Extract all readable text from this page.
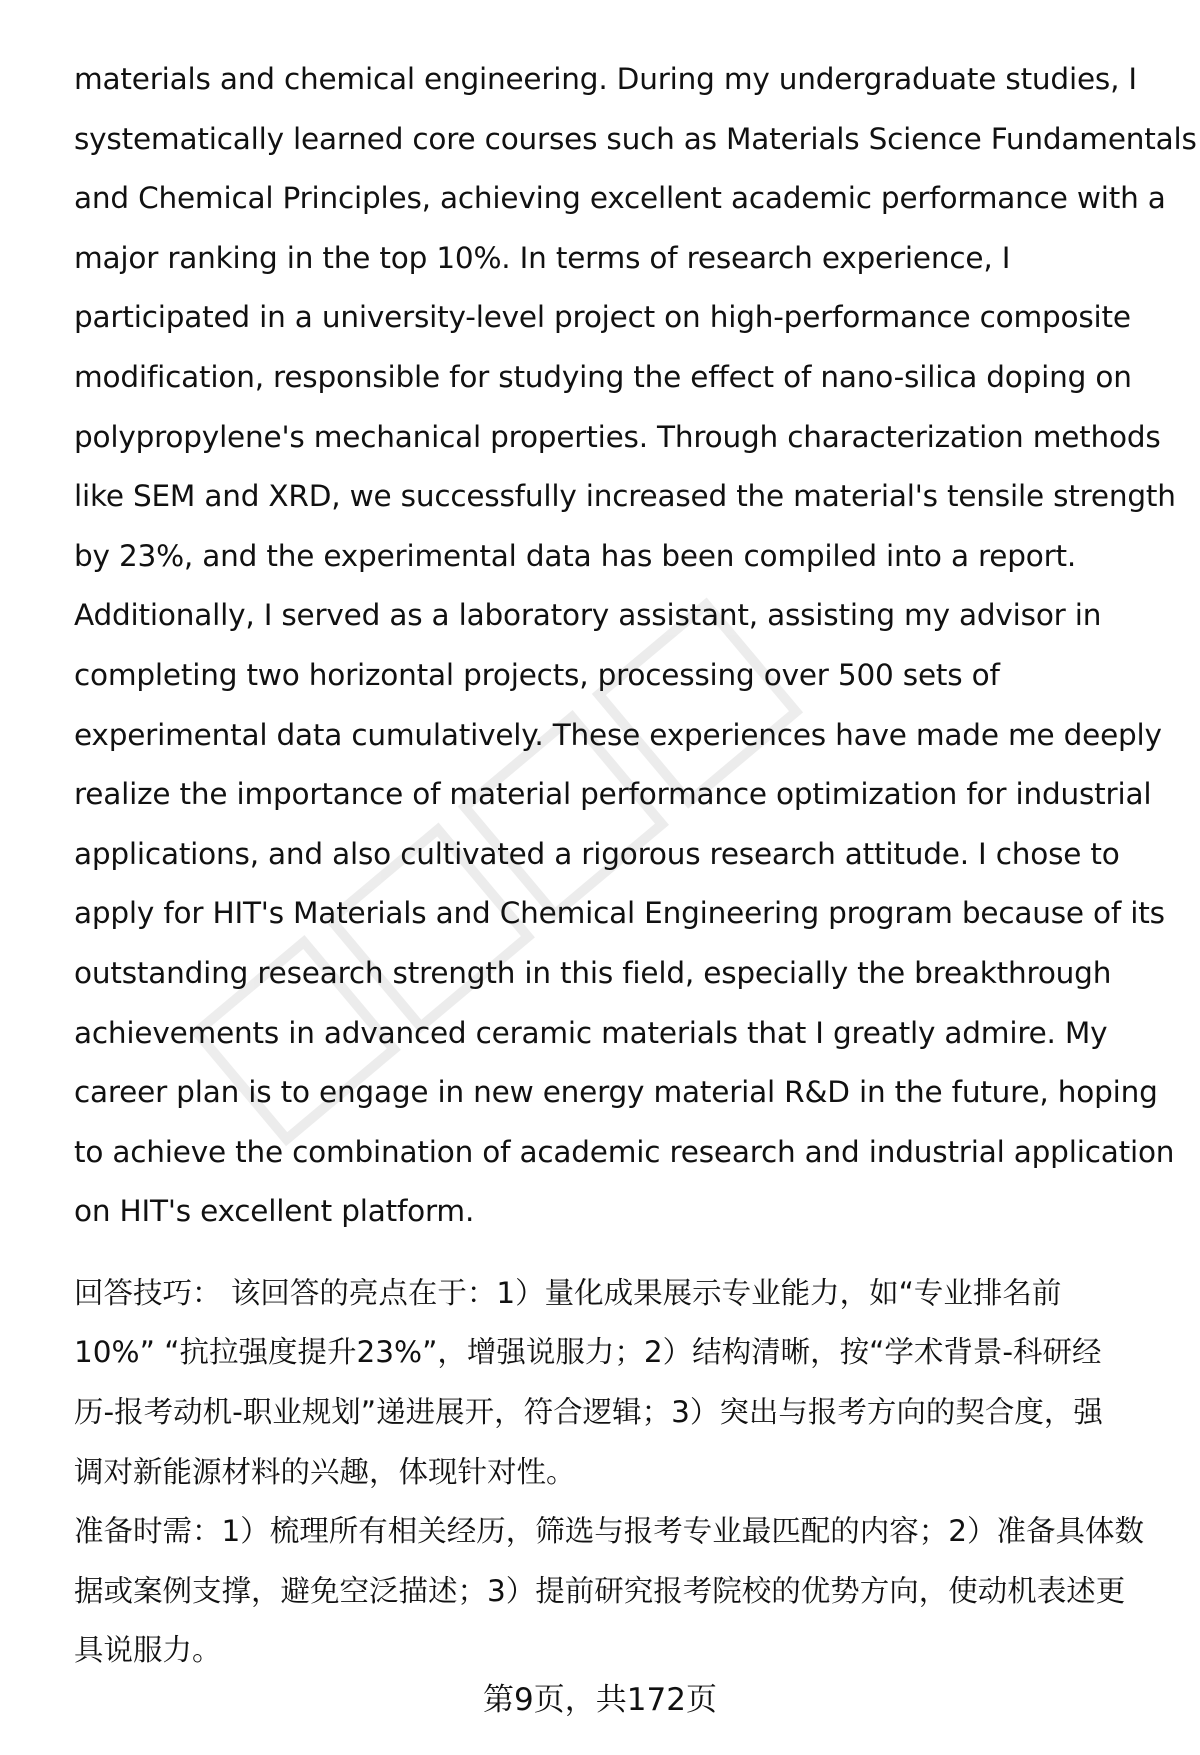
materials and chemical engineering. During my undergraduate studies, I
systematically learned core courses such as Materials Science Fundamentals
and Chemical Principles, achieving excellent academic performance with a
major ranking in the top 10%. In terms of research experience, I
participated in a university-level project on high-performance composite
modification, responsible for studying the effect of nano-silica doping on
polypropylene's mechanical properties. Through characterization methods
like SEM and XRD, we successfully increased the material's tensile strength
by 23%, and the experimental data has been compiled into a report.
Additionally, I served as a laboratory assistant, assisting my advisor in
completing two horizontal projects, processing over 500 sets of
experimental data cumulatively. These experiences have made me deeply
realize the importance of material performance optimization for industrial
applications, and also cultivated a rigorous research attitude. I chose to
apply for HIT's Materials and Chemical Engineering program because of its
outstanding research strength in this field, especially the breakthrough
achievements in advanced ceramic materials that I greatly admire. My
career plan is to engage in new energy material R&D in the future, hoping
to achieve the combination of academic research and industrial application
on HIT's excellent platform.

回答技巧： 该回答的亮点在于：1）量化成果展示专业能力，如“专业排名前
10%” “抗拉强度提升23%”，增强说服力；2）结构清晰，按“学术背景-科研经
历-报考动机-职业规划”递进展开，符合逻辑；3）突出与报考方向的契合度，强
调对新能源材料的兴趣，体现针对性。
准备时需：1）梳理所有相关经历，筛选与报考专业最匹配的内容；2）准备具体数
据或案例支撑，避免空泛描述；3）提前研究报考院校的优势方向，使动机表述更
具说服力。
第9页，共172页
